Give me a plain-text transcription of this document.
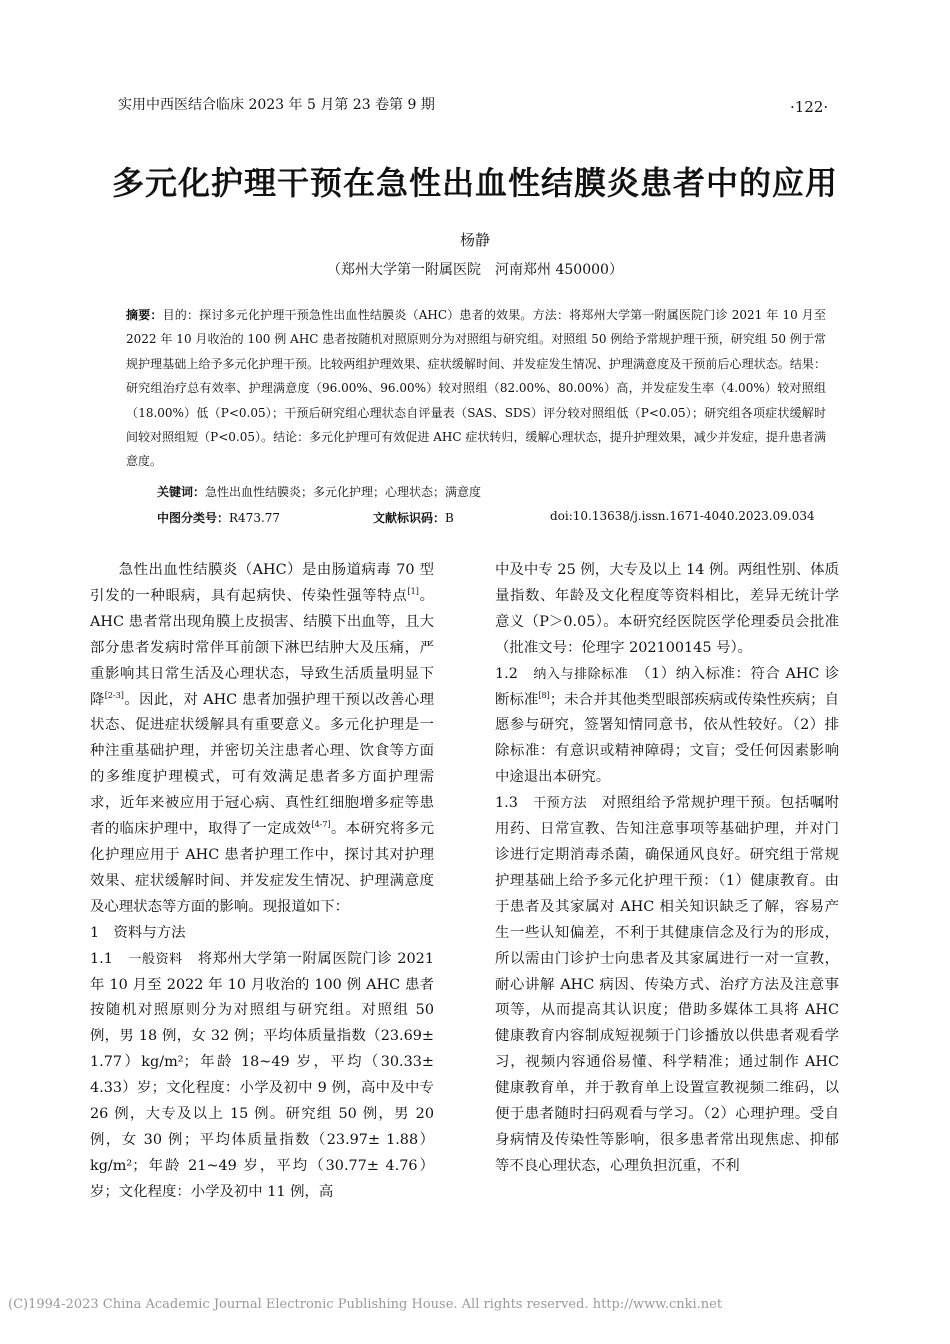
实用中西医结合临床 2023 年 5 月第 23 卷第 9 期	·122·
多元化护理干预在急性出血性结膜炎患者中的应用
杨静
（郑州大学第一附属医院　河南郑州 450000）
摘要：目的：探讨多元化护理干预急性出血性结膜炎（AHC）患者的效果。方法：将郑州大学第一附属医院门诊 2021 年 10 月至 2022 年 10 月收治的 100 例 AHC 患者按随机对照原则分为对照组与研究组。对照组 50 例给予常规护理干预，研究组 50 例于常规护理基础上给予多元化护理干预。比较两组护理效果、症状缓解时间、并发症发生情况、护理满意度及干预前后心理状态。结果：研究组治疗总有效率、护理满意度（96.00%、96.00%）较对照组（82.00%、80.00%）高，并发症发生率（4.00%）较对照组（18.00%）低（P<0.05）；干预后研究组心理状态自评量表（SAS、SDS）评分较对照组低（P<0.05）；研究组各项症状缓解时间较对照组短（P<0.05）。结论：多元化护理可有效促进 AHC 症状转归，缓解心理状态，提升护理效果，减少并发症，提升患者满意度。
关键词：急性出血性结膜炎；多元化护理；心理状态；满意度
中图分类号：R473.77	文献标识码：B	doi:10.13638/j.issn.1671-4040.2023.09.034

急性出血性结膜炎（AHC）是由肠道病毒 70 型引发的一种眼病，具有起病快、传染性强等特点[1]。AHC 患者常出现角膜上皮损害、结膜下出血等，且大部分患者发病时常伴耳前颌下淋巴结肿大及压痛，严重影响其日常生活及心理状态，导致生活质量明显下降[2-3]。因此，对 AHC 患者加强护理干预以改善心理状态、促进症状缓解具有重要意义。多元化护理是一种注重基础护理，并密切关注患者心理、饮食等方面的多维度护理模式，可有效满足患者多方面护理需求，近年来被应用于冠心病、真性红细胞增多症等患者的临床护理中，取得了一定成效[4-7]。本研究将多元化护理应用于 AHC 患者护理工作中，探讨其对护理效果、症状缓解时间、并发症发生情况、护理满意度及心理状态等方面的影响。现报道如下：

1　资料与方法

1.1　 一般资料　 将郑州大学第一附属医院门诊 2021 年 10 月至 2022 年 10 月收治的 100 例 AHC 患者按随机对照原则分为对照组与研究组。对照组 50 例，男 18 例，女 32 例；平均体质量指数（23.69± 1.77）kg/m²；年龄 18~49 岁，平均（30.33± 4.33）岁；文化程度：小学及初中 9 例，高中及中专 26 例，大专及以上 15 例。研究组 50 例，男 20 例，女 30 例；平均体质量指数（23.97± 1.88）kg/m²；年龄 21~49 岁，平均（30.77± 4.76）岁；文化程度：小学及初中 11 例，高

中及中专 25 例，大专及以上 14 例。两组性别、体质量指数、年龄及文化程度等资料相比，差异无统计学意义（P＞0.05）。本研究经医院医学伦理委员会批准（批准文号：伦理字 202100145 号）。

1.2　 纳入与排除标准　 （1）纳入标准：符合 AHC 诊断标准[8]；未合并其他类型眼部疾病或传染性疾病；自愿参与研究，签署知情同意书，依从性较好。（2）排除标准：有意识或精神障碍；文盲；受任何因素影响中途退出本研究。

1.3　 干预方法　 对照组给予常规护理干预。包括嘱咐用药、日常宣教、告知注意事项等基础护理，并对门诊进行定期消毒杀菌，确保通风良好。研究组于常规护理基础上给予多元化护理干预：（1）健康教育。由于患者及其家属对 AHC 相关知识缺乏了解，容易产生一些认知偏差，不利于其健康信念及行为的形成，所以需由门诊护士向患者及其家属进行一对一宣教，耐心讲解 AHC 病因、传染方式、治疗方法及注意事项等，从而提高其认识度；借助多媒体工具将 AHC 健康教育内容制成短视频于门诊播放以供患者观看学习，视频内容通俗易懂、科学精准；通过制作 AHC 健康教育单，并于教育单上设置宣教视频二维码，以便于患者随时扫码观看与学习。（2）心理护理。受自身病情及传染性等影响，很多患者常出现焦虑、抑郁等不良心理状态，心理负担沉重，不利

(C)1994-2023 China Academic Journal Electronic Publishing House. All rights reserved. http://www.cnki.net
